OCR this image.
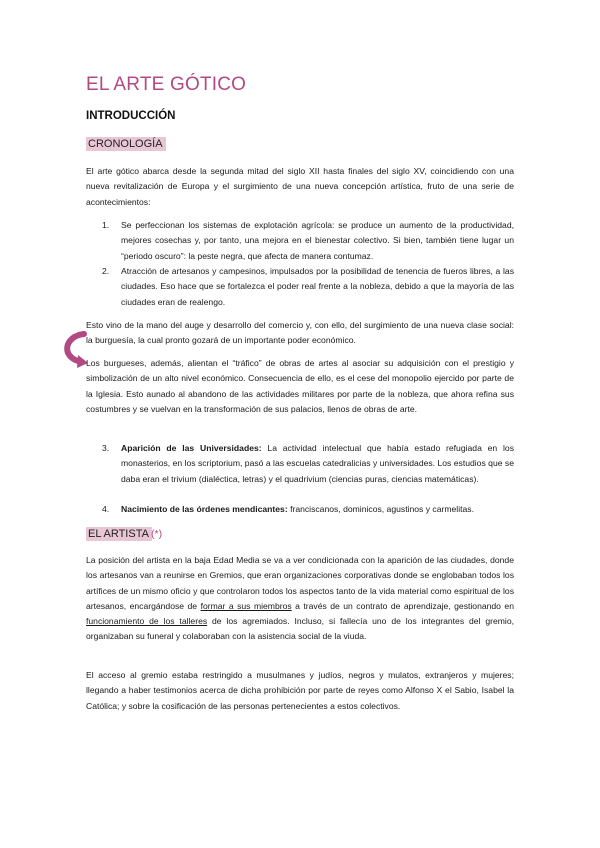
EL ARTE GÓTICO
INTRODUCCIÓN
CRONOLOGÍA

El arte gótico abarca desde la segunda mitad del siglo XII hasta finales del siglo XV, coincidiendo con una nueva revitalización de Europa y el surgimiento de una nueva concepción artística, fruto de una serie de acontecimientos:

1. Se perfeccionan los sistemas de explotación agrícola: se produce un aumento de la productividad, mejores cosechas y, por tanto, una mejora en el bienestar colectivo. Si bien, también tiene lugar un “periodo oscuro”: la peste negra, que afecta de manera contumaz.
2. Atracción de artesanos y campesinos, impulsados por la posibilidad de tenencia de fueros libres, a las ciudades. Eso hace que se fortalezca el poder real frente a la nobleza, debido a que la mayoría de las ciudades eran de realengo.

Esto vino de la mano del auge y desarrollo del comercio y, con ello, del surgimiento de una nueva clase social: la burguesía, la cual pronto gozará de un importante poder económico.

Los burgueses, además, alientan el “tráfico” de obras de artes al asociar su adquisición con el prestigio y simbolización de un alto nivel económico. Consecuencia de ello, es el cese del monopolio ejercido por parte de la Iglesia. Esto aunado al abandono de las actividades militares por parte de la nobleza, que ahora refina sus costumbres y se vuelvan en la transformación de sus palacios, llenos de obras de arte.

3. Aparición de las Universidades: La actividad intelectual que había estado refugiada en los monasterios, en los scriptorium, pasó a las escuelas catedralicias y universidades. Los estudios que se daba eran el trivium (dialéctica, letras) y el quadrivium (ciencias puras, ciencias matemáticas).
4. Nacimiento de las órdenes mendicantes: franciscanos, dominicos, agustinos y carmelitas.
EL ARTISTA (*)

La posición del artista en la baja Edad Media se va a ver condicionada con la aparición de las ciudades, donde los artesanos van a reunirse en Gremios, que eran organizaciones corporativas donde se englobaban todos los artífices de un mismo oficio y que controlaron todos los aspectos tanto de la vida material como espiritual de los artesanos, encargándose de formar a sus miembros a través de un contrato de aprendizaje, gestionando en funcionamiento de los talleres de los agremiados. Incluso, si fallecía uno de los integrantes del gremio, organizaban su funeral y colaboraban con la asistencia social de la viuda.

El acceso al gremio estaba restringido a musulmanes y judíos, negros y mulatos, extranjeros y mujeres; llegando a haber testimonios acerca de dicha prohibición por parte de reyes como Alfonso X el Sabio, Isabel la Católica; y sobre la cosificación de las personas pertenecientes a estos colectivos.
